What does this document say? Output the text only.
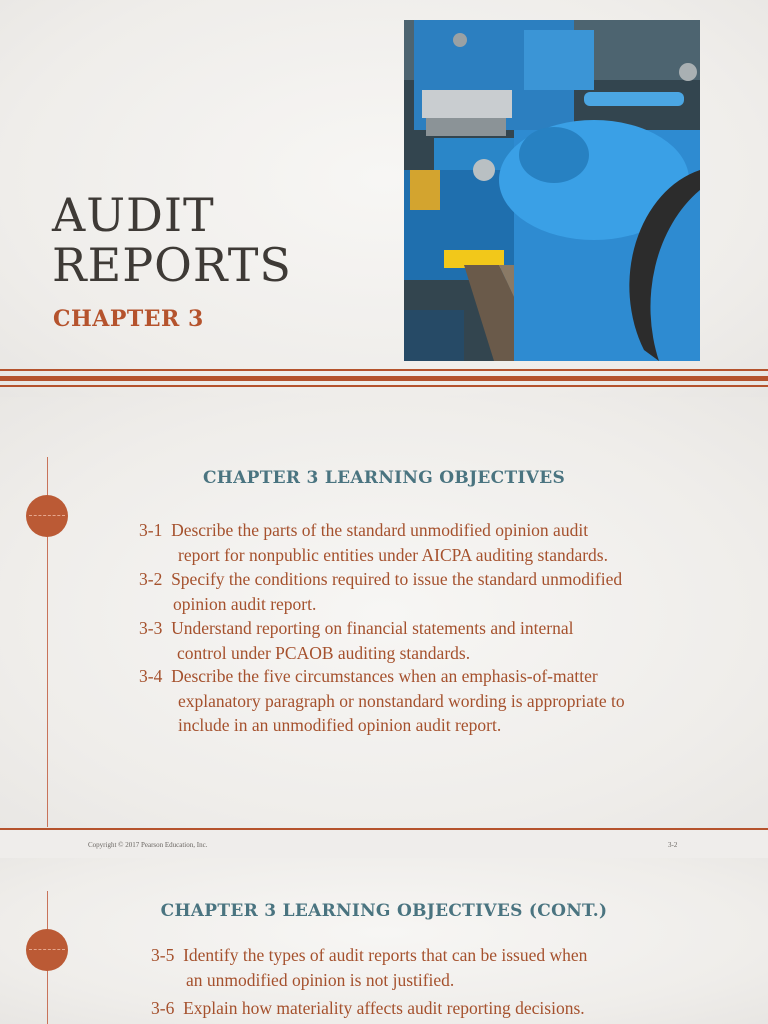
AUDIT
REPORTS
CHAPTER 3
CHAPTER 3 LEARNING OBJECTIVES

3-1 Describe the parts of the standard unmodified opinion audit
report for nonpublic entities under AICPA auditing standards.

3-2 Specify the conditions required to issue the standard unmodified
opinion audit report.

3-3 Understand reporting on financial statements and internal
control under PCAOB auditing standards.

3-4 Describe the five circumstances when an emphasis-of-matter
explanatory paragraph or nonstandard wording is appropriate to
include in an unmodified opinion audit report.

Copyright © 2017 Pearson Education, Inc.	3-2
CHAPTER 3 LEARNING OBJECTIVES (CONT.)

3-5 Identify the types of audit reports that can be issued when
an unmodified opinion is not justified.

3-6 Explain how materiality affects audit reporting decisions.
